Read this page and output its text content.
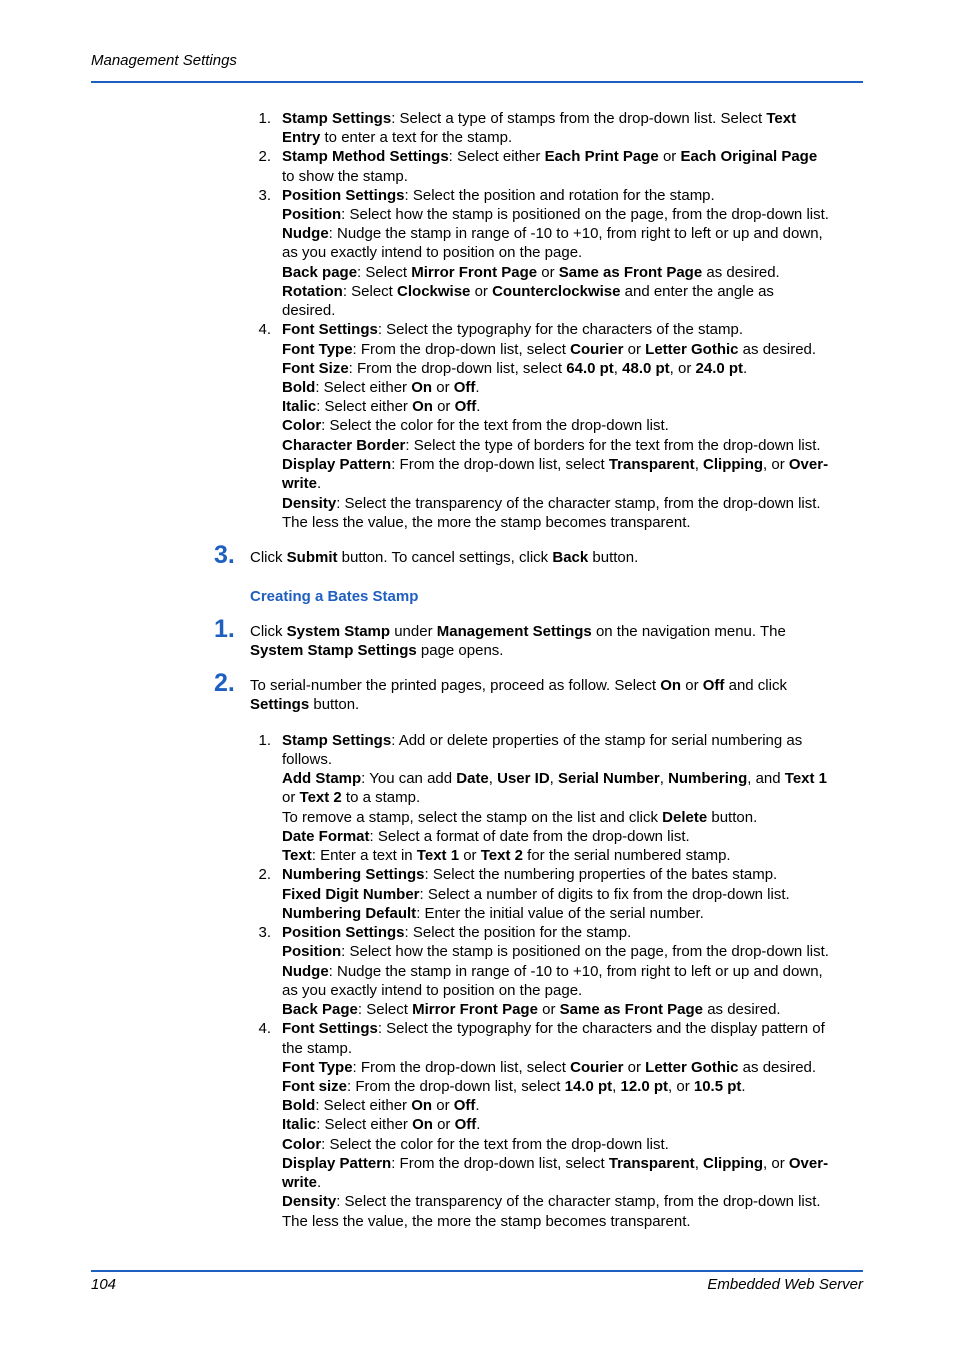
Management Settings
1.
2.
3.
4.
Stamp Settings: Select a type of stamps from the drop-down list. Select Text
Entry to enter a text for the stamp.
Stamp Method Settings: Select either Each Print Page or Each Original Page
to show the stamp.
Position Settings: Select the position and rotation for the stamp.
Position: Select how the stamp is positioned on the page, from the drop-down list.
Nudge: Nudge the stamp in range of -10 to +10, from right to left or up and down,
as you exactly intend to position on the page.
Back page: Select Mirror Front Page or Same as Front Page as desired.
Rotation: Select Clockwise or Counterclockwise and enter the angle as
desired.
Font Settings: Select the typography for the characters of the stamp.
Font Type: From the drop-down list, select Courier or Letter Gothic as desired.
Font Size: From the drop-down list, select 64.0 pt, 48.0 pt, or 24.0 pt.
Bold: Select either On or Off.
Italic: Select either On or Off.
Color: Select the color for the text from the drop-down list.
Character Border: Select the type of borders for the text from the drop-down list.
Display Pattern: From the drop-down list, select Transparent, Clipping, or Over-
write.
Density: Select the transparency of the character stamp, from the drop-down list.
The less the value, the more the stamp becomes transparent.
3. Click Submit button. To cancel settings, click Back button.
Creating a Bates Stamp
1. Click System Stamp under Management Settings on the navigation menu. The
System Stamp Settings page opens.
2. To serial-number the printed pages, proceed as follow. Select On or Off and click
Settings button.
1.
2.
3.
4.
Stamp Settings: Add or delete properties of the stamp for serial numbering as
follows.
Add Stamp: You can add Date, User ID, Serial Number, Numbering, and Text 1
or Text 2 to a stamp.
To remove a stamp, select the stamp on the list and click Delete button.
Date Format: Select a format of date from the drop-down list.
Text: Enter a text in Text 1 or Text 2 for the serial numbered stamp.
Numbering Settings: Select the numbering properties of the bates stamp.
Fixed Digit Number: Select a number of digits to fix from the drop-down list.
Numbering Default: Enter the initial value of the serial number.
Position Settings: Select the position for the stamp.
Position: Select how the stamp is positioned on the page, from the drop-down list.
Nudge: Nudge the stamp in range of -10 to +10, from right to left or up and down,
as you exactly intend to position on the page.
Back Page: Select Mirror Front Page or Same as Front Page as desired.
Font Settings: Select the typography for the characters and the display pattern of
the stamp.
Font Type: From the drop-down list, select Courier or Letter Gothic as desired.
Font size: From the drop-down list, select 14.0 pt, 12.0 pt, or 10.5 pt.
Bold: Select either On or Off.
Italic: Select either On or Off.
Color: Select the color for the text from the drop-down list.
Display Pattern: From the drop-down list, select Transparent, Clipping, or Over-
write.
Density: Select the transparency of the character stamp, from the drop-down list.
The less the value, the more the stamp becomes transparent.
104	Embedded Web Server
